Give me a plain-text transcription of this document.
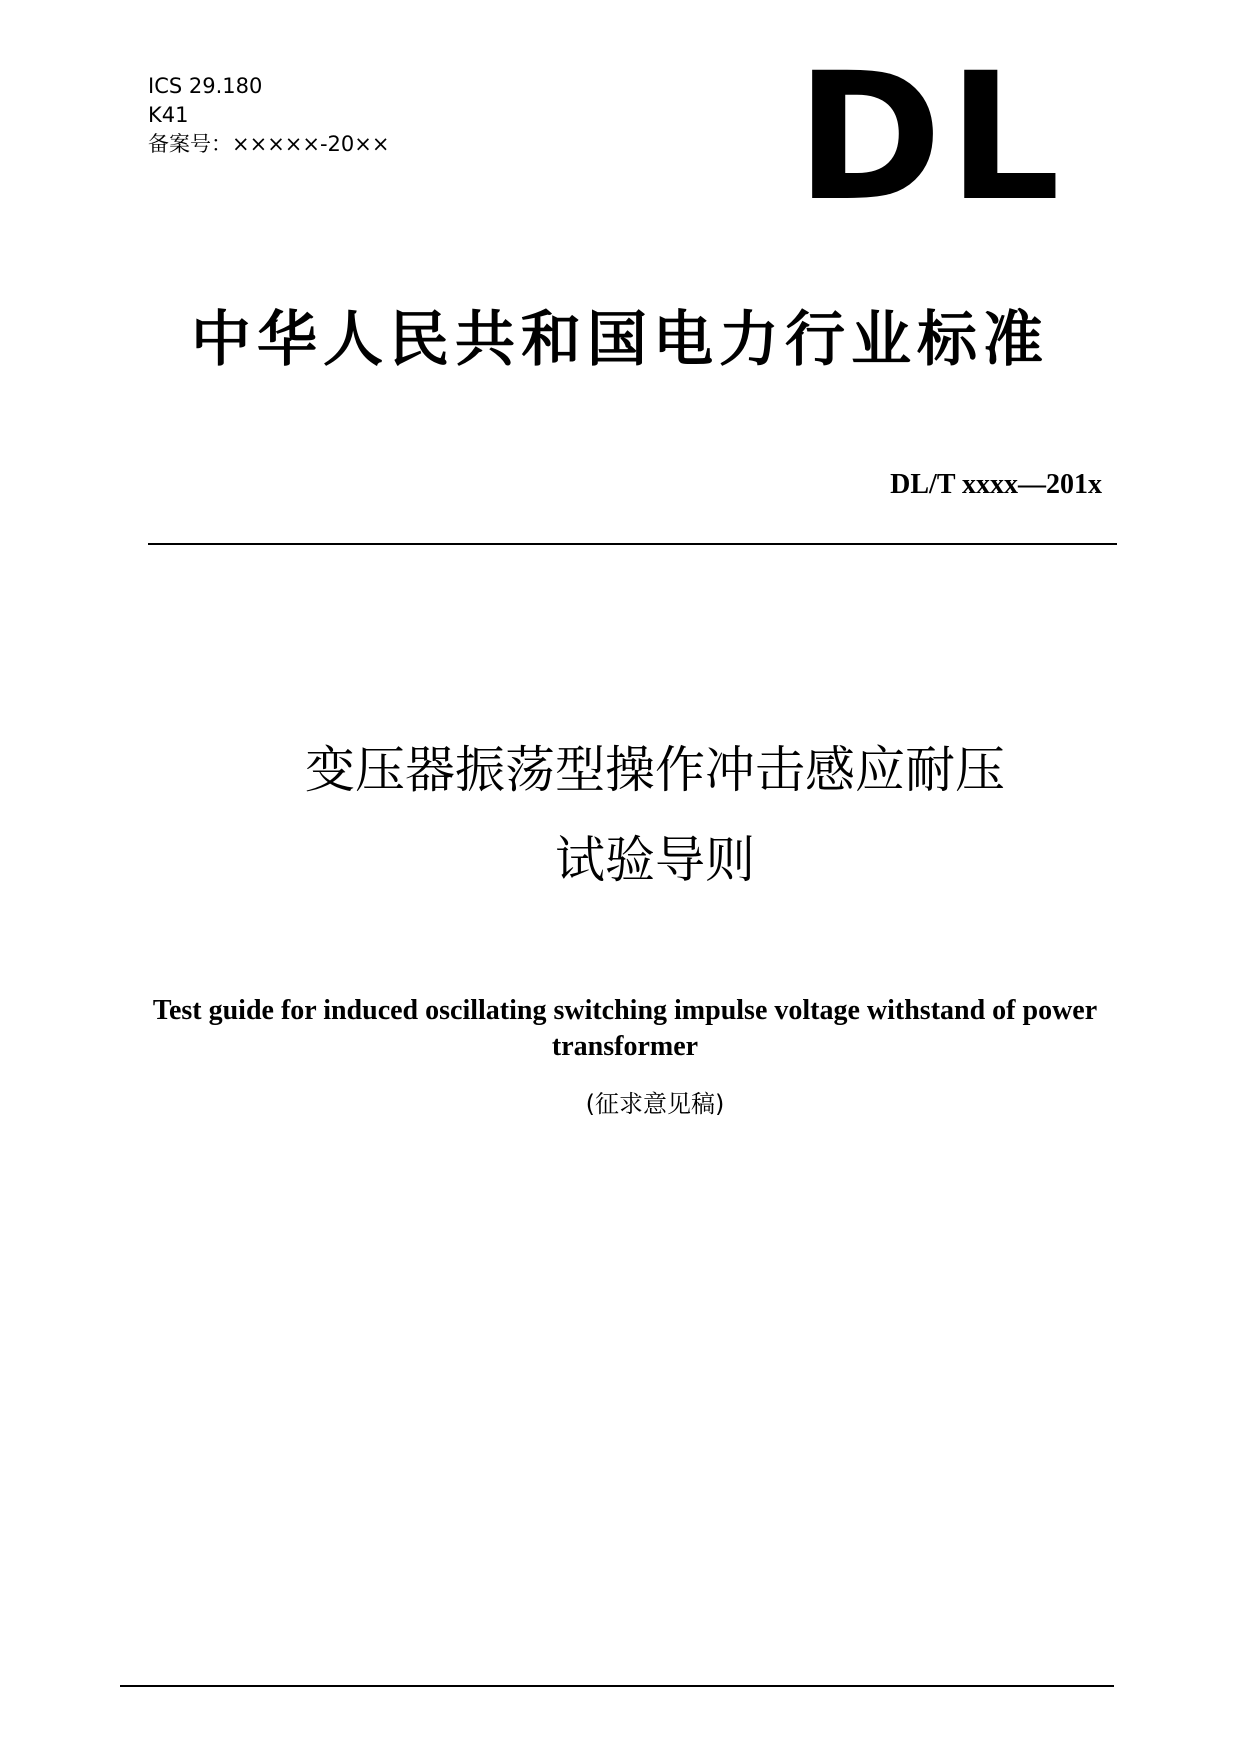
ICS 29.180
K41
备案号：×××××-20×× DL
中华人民共和国电力行业标准
DL/T xxxx—201x
变压器振荡型操作冲击感应耐压
试验导则
Test guide for induced oscillating switching impulse voltage withstand of power transformer
(征求意见稿)
